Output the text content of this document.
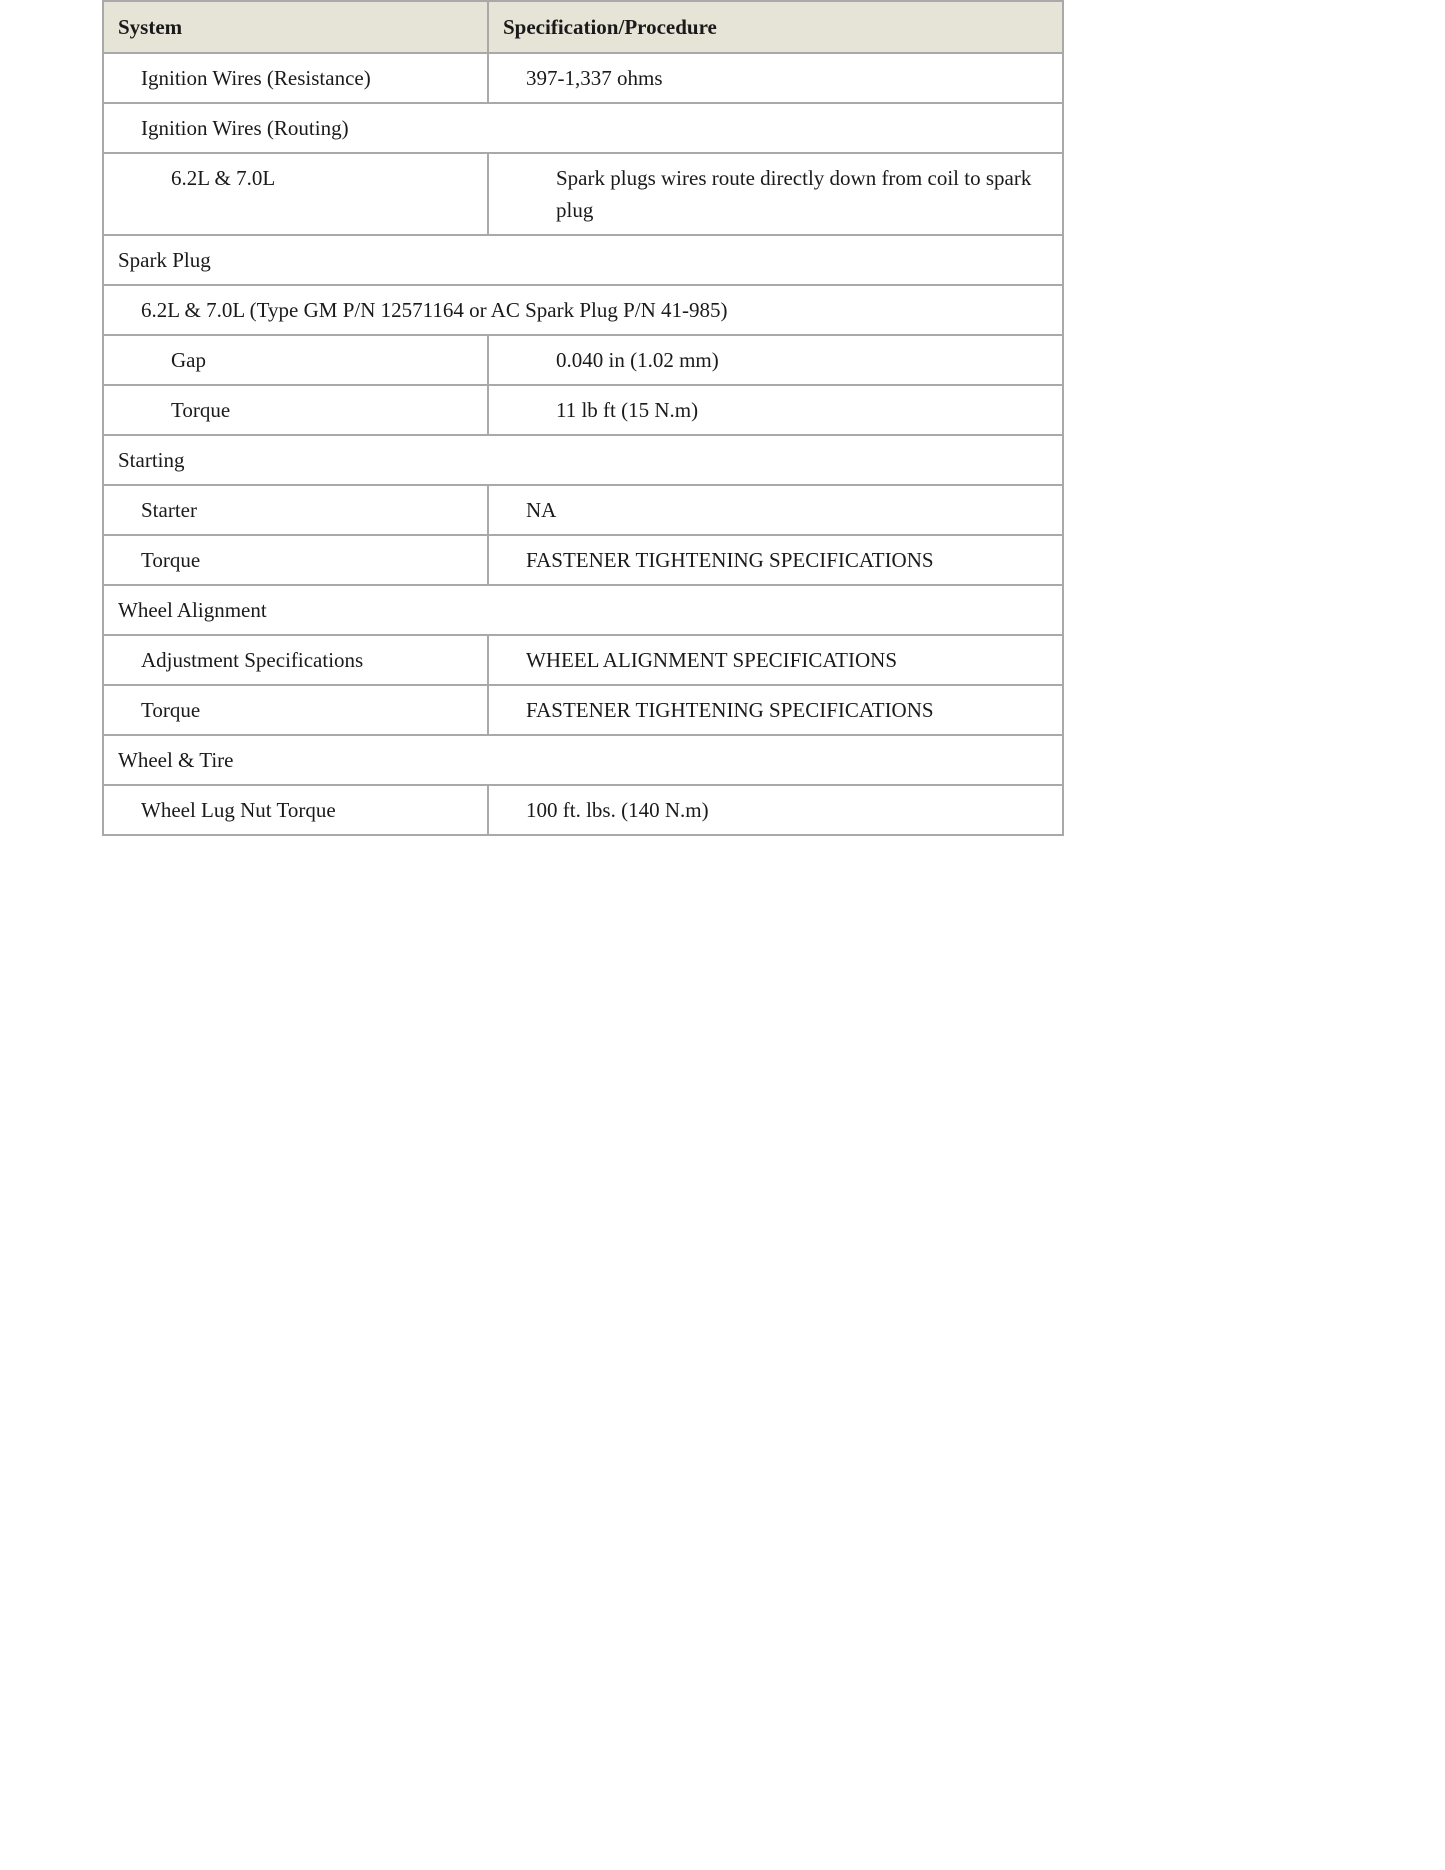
System	Specification/Procedure
Ignition Wires (Resistance)	397-1,337 ohms
Ignition Wires (Routing)	
6.2L & 7.0L	Spark plugs wires route directly down from coil to spark plug
Spark Plug	
6.2L & 7.0L (Type GM P/N 12571164 or AC Spark Plug P/N 41-985)	
Gap	0.040 in (1.02 mm)
Torque	11 lb ft (15 N.m)
Starting	
Starter	NA
Torque	FASTENER TIGHTENING SPECIFICATIONS
Wheel Alignment	
Adjustment Specifications	WHEEL ALIGNMENT SPECIFICATIONS
Torque	FASTENER TIGHTENING SPECIFICATIONS
Wheel & Tire	
Wheel Lug Nut Torque	100 ft. lbs. (140 N.m)
